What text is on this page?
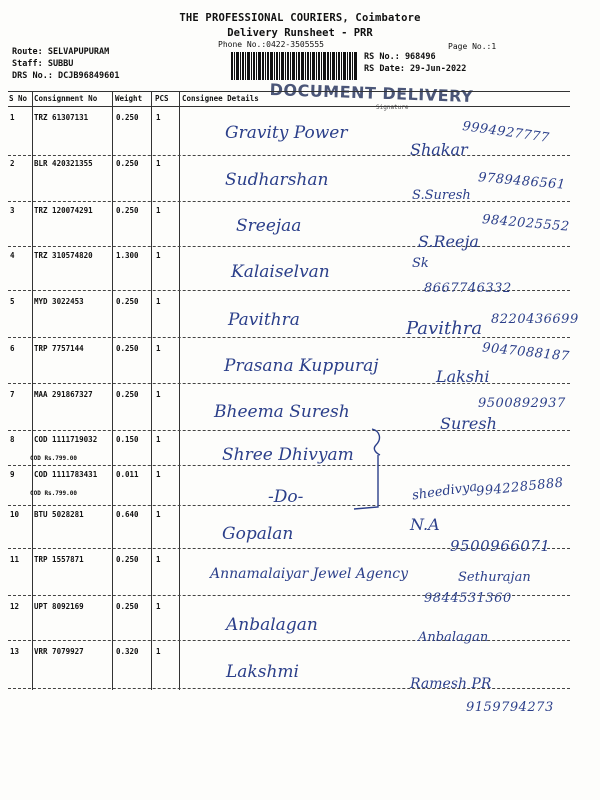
THE PROFESSIONAL COURIERS, Coimbatore
Delivery Runsheet - PRR
Phone No.:0422-3505555	Page No.:1
Route: SELVAPUPURAM
Staff: SUBBU
DRS No.: DCJB96849601
RS No.: 968496
RS Date: 29-Jun-2022
DOCUMENT DELIVERY
S No Consignment No Weight PCS Consignee Details
Signature
1	TRZ 61307131	0.250 1
Gravity Power
Shakar
9994927777
2	BLR 420321355	0.250 1
Sudharshan
S.Suresh
9789486561
3	TRZ 120074291	0.250 1
Sreejaa
S.Reeja
9842025552
4	TRZ 310574820	1.300 1
Kalaiselvan	Sk
8667746332
5	MYD 3022453	0.250 1
Pavithra	Pavithra 8220436699
6	TRP 7757144	0.250 1
Prasana Kuppuraj
Lakshi
9047088187
7	MAA 291867327	0.250 1
Bheema Suresh
Suresh
9500892937
8	COD 1111719032	0.150 1
COD Rs.799.00	Shree Dhivyam
9	COD 1111783431	0.011 1
COD Rs.799.00	-Do-	sheedivya
9942285888
10 BTU 5028281	0.640 1
Gopalan	N.A
9500966071
11 TRP 1557871	0.250 1
Annamalaiyar Jewel Agency	Sethurajan
9844531360
12 UPT 8092169	0.250 1
Anbalagan
Anbalagan
13 VRR 7079927	0.320 1
Lakshmi
Ramesh PR
9159794273
